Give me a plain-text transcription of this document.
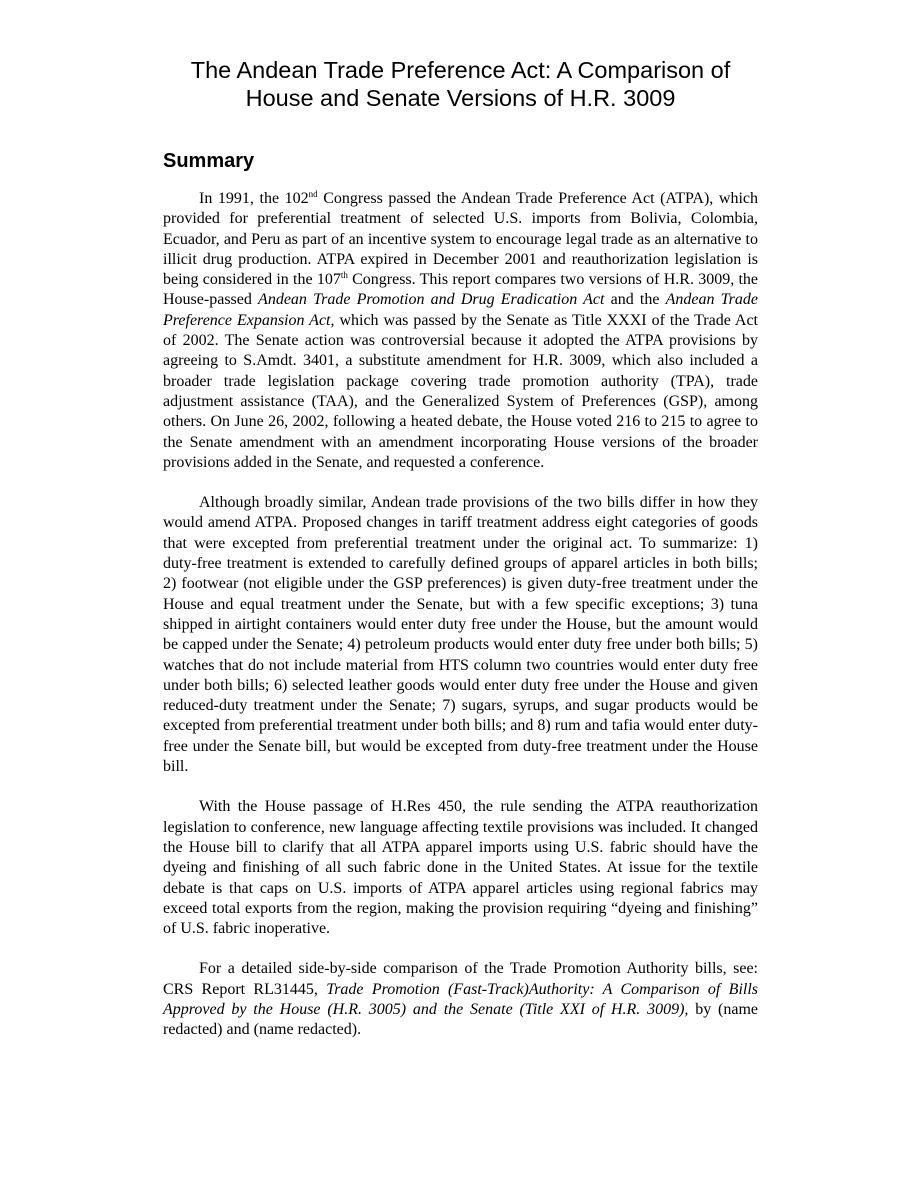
The Andean Trade Preference Act: A Comparison of
House and Senate Versions of H.R. 3009
Summary

In 1991, the 102nd Congress passed the Andean Trade Preference Act (ATPA), which provided for preferential treatment of selected U.S. imports from Bolivia, Colombia, Ecuador, and Peru as part of an incentive system to encourage legal trade as an alternative to illicit drug production. ATPA expired in December 2001 and reauthorization legislation is being considered in the 107th Congress. This report compares two versions of H.R. 3009, the House-passed Andean Trade Promotion and Drug Eradication Act and the Andean Trade Preference Expansion Act, which was passed by the Senate as Title XXXI of the Trade Act of 2002. The Senate action was controversial because it adopted the ATPA provisions by agreeing to S.Amdt. 3401, a substitute amendment for H.R. 3009, which also included a broader trade legislation package covering trade promotion authority (TPA), trade adjustment assistance (TAA), and the Generalized System of Preferences (GSP), among others. On June 26, 2002, following a heated debate, the House voted 216 to 215 to agree to the Senate amendment with an amendment incorporating House versions of the broader provisions added in the Senate, and requested a conference.

Although broadly similar, Andean trade provisions of the two bills differ in how they would amend ATPA. Proposed changes in tariff treatment address eight categories of goods that were excepted from preferential treatment under the original act. To summarize: 1) duty-free treatment is extended to carefully defined groups of apparel articles in both bills; 2) footwear (not eligible under the GSP preferences) is given duty-free treatment under the House and equal treatment under the Senate, but with a few specific exceptions; 3) tuna shipped in airtight containers would enter duty free under the House, but the amount would be capped under the Senate; 4) petroleum products would enter duty free under both bills; 5) watches that do not include material from HTS column two countries would enter duty free under both bills; 6) selected leather goods would enter duty free under the House and given reduced-duty treatment under the Senate; 7) sugars, syrups, and sugar products would be excepted from preferential treatment under both bills; and 8) rum and tafia would enter duty-free under the Senate bill, but would be excepted from duty-free treatment under the House bill.

With the House passage of H.Res 450, the rule sending the ATPA reauthorization legislation to conference, new language affecting textile provisions was included. It changed the House bill to clarify that all ATPA apparel imports using U.S. fabric should have the dyeing and finishing of all such fabric done in the United States. At issue for the textile debate is that caps on U.S. imports of ATPA apparel articles using regional fabrics may exceed total exports from the region, making the provision requiring “dyeing and finishing” of U.S. fabric inoperative.

For a detailed side-by-side comparison of the Trade Promotion Authority bills, see: CRS Report RL31445, Trade Promotion (Fast-Track)Authority: A Comparison of Bills Approved by the House (H.R. 3005) and the Senate (Title XXI of H.R. 3009), by (name redacted) and (name redacted).
